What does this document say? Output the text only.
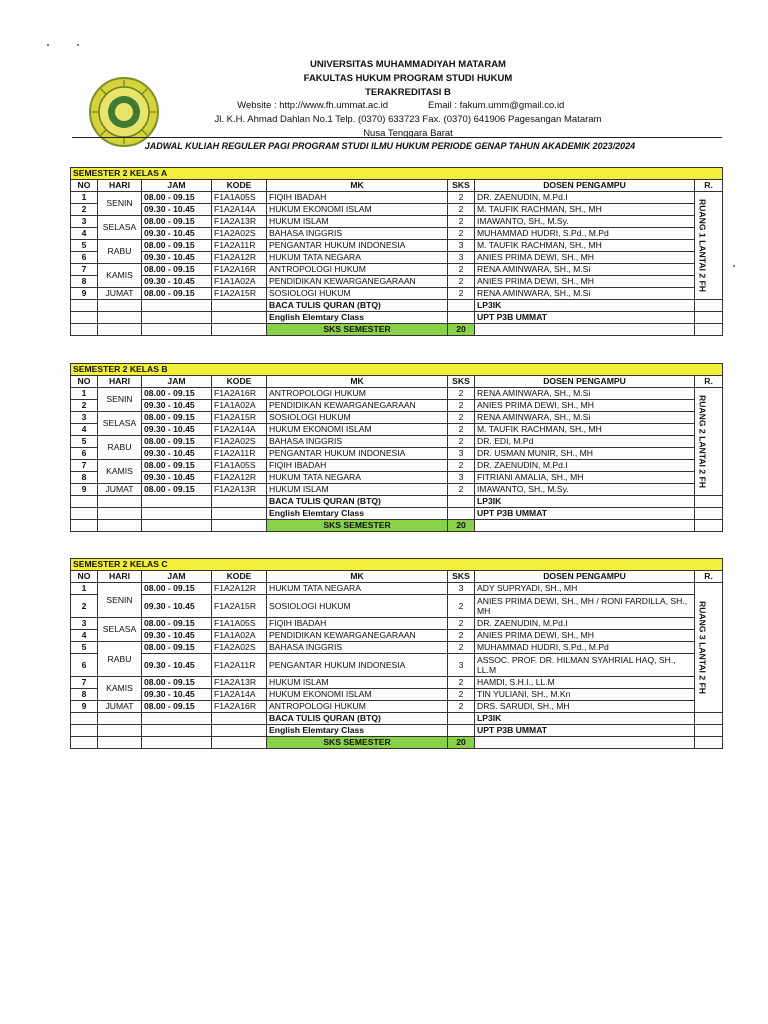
UNIVERSITAS MUHAMMADIYAH MATARAM
FAKULTAS HUKUM PROGRAM STUDI HUKUM
TERAKREDITASI B
Website : http://www.fh.ummat.ac.id	Email : fakum.umm@gmail.co.id
Jl. K.H. Ahmad Dahlan No.1 Telp. (0370) 633723 Fax. (0370) 641906 Pagesangan Mataram
Nusa Tenggara Barat
JADWAL KULIAH REGULER PAGI PROGRAM STUDI ILMU HUKUM PERIODE GENAP TAHUN AKADEMIK 2023/2024
SEMESTER 2 KELAS A							
NO	HARI	JAM	KODE	MK	SKS	DOSEN PENGAMPU	R.
1	SENIN	08.00 - 09.15	F1A1A05S	FIQIH IBADAH	2	DR. ZAENUDIN, M.Pd.I	RUANG 1 LANTAI 2 FH

2		09.30 - 10.45	F1A2A14A	HUKUM EKONOMI ISLAM	2	M. TAUFIK RACHMAN, SH., MH	
3	SELASA	08.00 - 09.15	F1A2A13R	HUKUM ISLAM	2	IMAWANTO, SH., M.Sy.	
4		09.30 - 10.45	F1A2A02S	BAHASA INGGRIS	2	MUHAMMAD HUDRI, S.Pd., M.Pd	
5	RABU	08.00 - 09.15	F1A2A11R	PENGANTAR HUKUM INDONESIA	3	M. TAUFIK RACHMAN, SH., MH	
6		09.30 - 10.45	F1A2A12R	HUKUM TATA NEGARA	3	ANIES PRIMA DEWI, SH., MH	
7	KAMIS	08.00 - 09.15	F1A2A16R	ANTROPOLOGI HUKUM	2	RENA AMINWARA, SH., M.Si	
8		09.30 - 10.45	F1A1A02A	PENDIDIKAN KEWARGANEGARAAN	2	ANIES PRIMA DEWI, SH., MH	
9	JUMAT	08.00 - 09.15	F1A2A15R	SOSIOLOGI HUKUM	2	RENA AMINWARA, SH., M.Si	
				BACA TULIS QURAN (BTQ)		LP3IK	
				English Elemtary Class		UPT P3B UMMAT	
				SKS SEMESTER	20		
SEMESTER 2 KELAS B							
NO	HARI	JAM	KODE	MK	SKS	DOSEN PENGAMPU	R.
1	SENIN	08.00 - 09.15	F1A2A16R	ANTROPOLOGI HUKUM	2	RENA AMINWARA, SH., M.Si	RUANG 2 LANTAI 2 FH

2		09.30 - 10.45	F1A1A02A	PENDIDIKAN KEWARGANEGARAAN	2	ANIES PRIMA DEWI, SH., MH	
3	SELASA	08.00 - 09.15	F1A2A15R	SOSIOLOGI HUKUM	2	RENA AMINWARA, SH., M.Si	
4		09.30 - 10.45	F1A2A14A	HUKUM EKONOMI ISLAM	2	M. TAUFIK RACHMAN, SH., MH	
5	RABU	08.00 - 09.15	F1A2A02S	BAHASA INGGRIS	2	DR. EDI, M.Pd	
6		09.30 - 10.45	F1A2A11R	PENGANTAR HUKUM INDONESIA	3	DR. USMAN MUNIR, SH., MH	
7	KAMIS	08.00 - 09.15	F1A1A05S	FIQIH IBADAH	2	DR. ZAENUDIN, M.Pd.I	
8		09.30 - 10.45	F1A2A12R	HUKUM TATA NEGARA	3	FITRIANI AMALIA, SH., MH	
9	JUMAT	08.00 - 09.15	F1A2A13R	HUKUM ISLAM	2	IMAWANTO, SH., M.Sy.	
				BACA TULIS QURAN (BTQ)		LP3IK	
				English Elemtary Class		UPT P3B UMMAT	
				SKS SEMESTER	20		
SEMESTER 2 KELAS C							
NO	HARI	JAM	KODE	MK	SKS	DOSEN PENGAMPU	R.
1	SENIN	08.00 - 09.15	F1A2A12R	HUKUM TATA NEGARA	3	ADY SUPRYADI, SH., MH	RUANG 3 LANTAI 2 FH

2		09.30 - 10.45	F1A2A15R	SOSIOLOGI HUKUM	2	ANIES PRIMA DEWI, SH., MH / RONI FARDILLA, SH., MH	
3	SELASA	08.00 - 09.15	F1A1A05S	FIQIH IBADAH	2	DR. ZAENUDIN, M.Pd.I	
4		09.30 - 10.45	F1A1A02A	PENDIDIKAN KEWARGANEGARAAN	2	ANIES PRIMA DEWI, SH., MH	
5	RABU	08.00 - 09.15	F1A2A02S	BAHASA INGGRIS	2	MUHAMMAD HUDRI, S.Pd., M.Pd	
6		09.30 - 10.45	F1A2A11R	PENGANTAR HUKUM INDONESIA	3	ASSOC. PROF. DR. HILMAN SYAHRIAL HAQ, SH., LL.M	
7	KAMIS	08.00 - 09.15	F1A2A13R	HUKUM ISLAM	2	HAMDI, S.H.I., LL.M	
8		09.30 - 10.45	F1A2A14A	HUKUM EKONOMI ISLAM	2	TIN YULIANI, SH., M.Kn	
9	JUMAT	08.00 - 09.15	F1A2A16R	ANTROPOLOGI HUKUM	2	DRS. SARUDI, SH., MH	
				BACA TULIS QURAN (BTQ)		LP3IK	
				English Elemtary Class		UPT P3B UMMAT	
				SKS SEMESTER	20		
